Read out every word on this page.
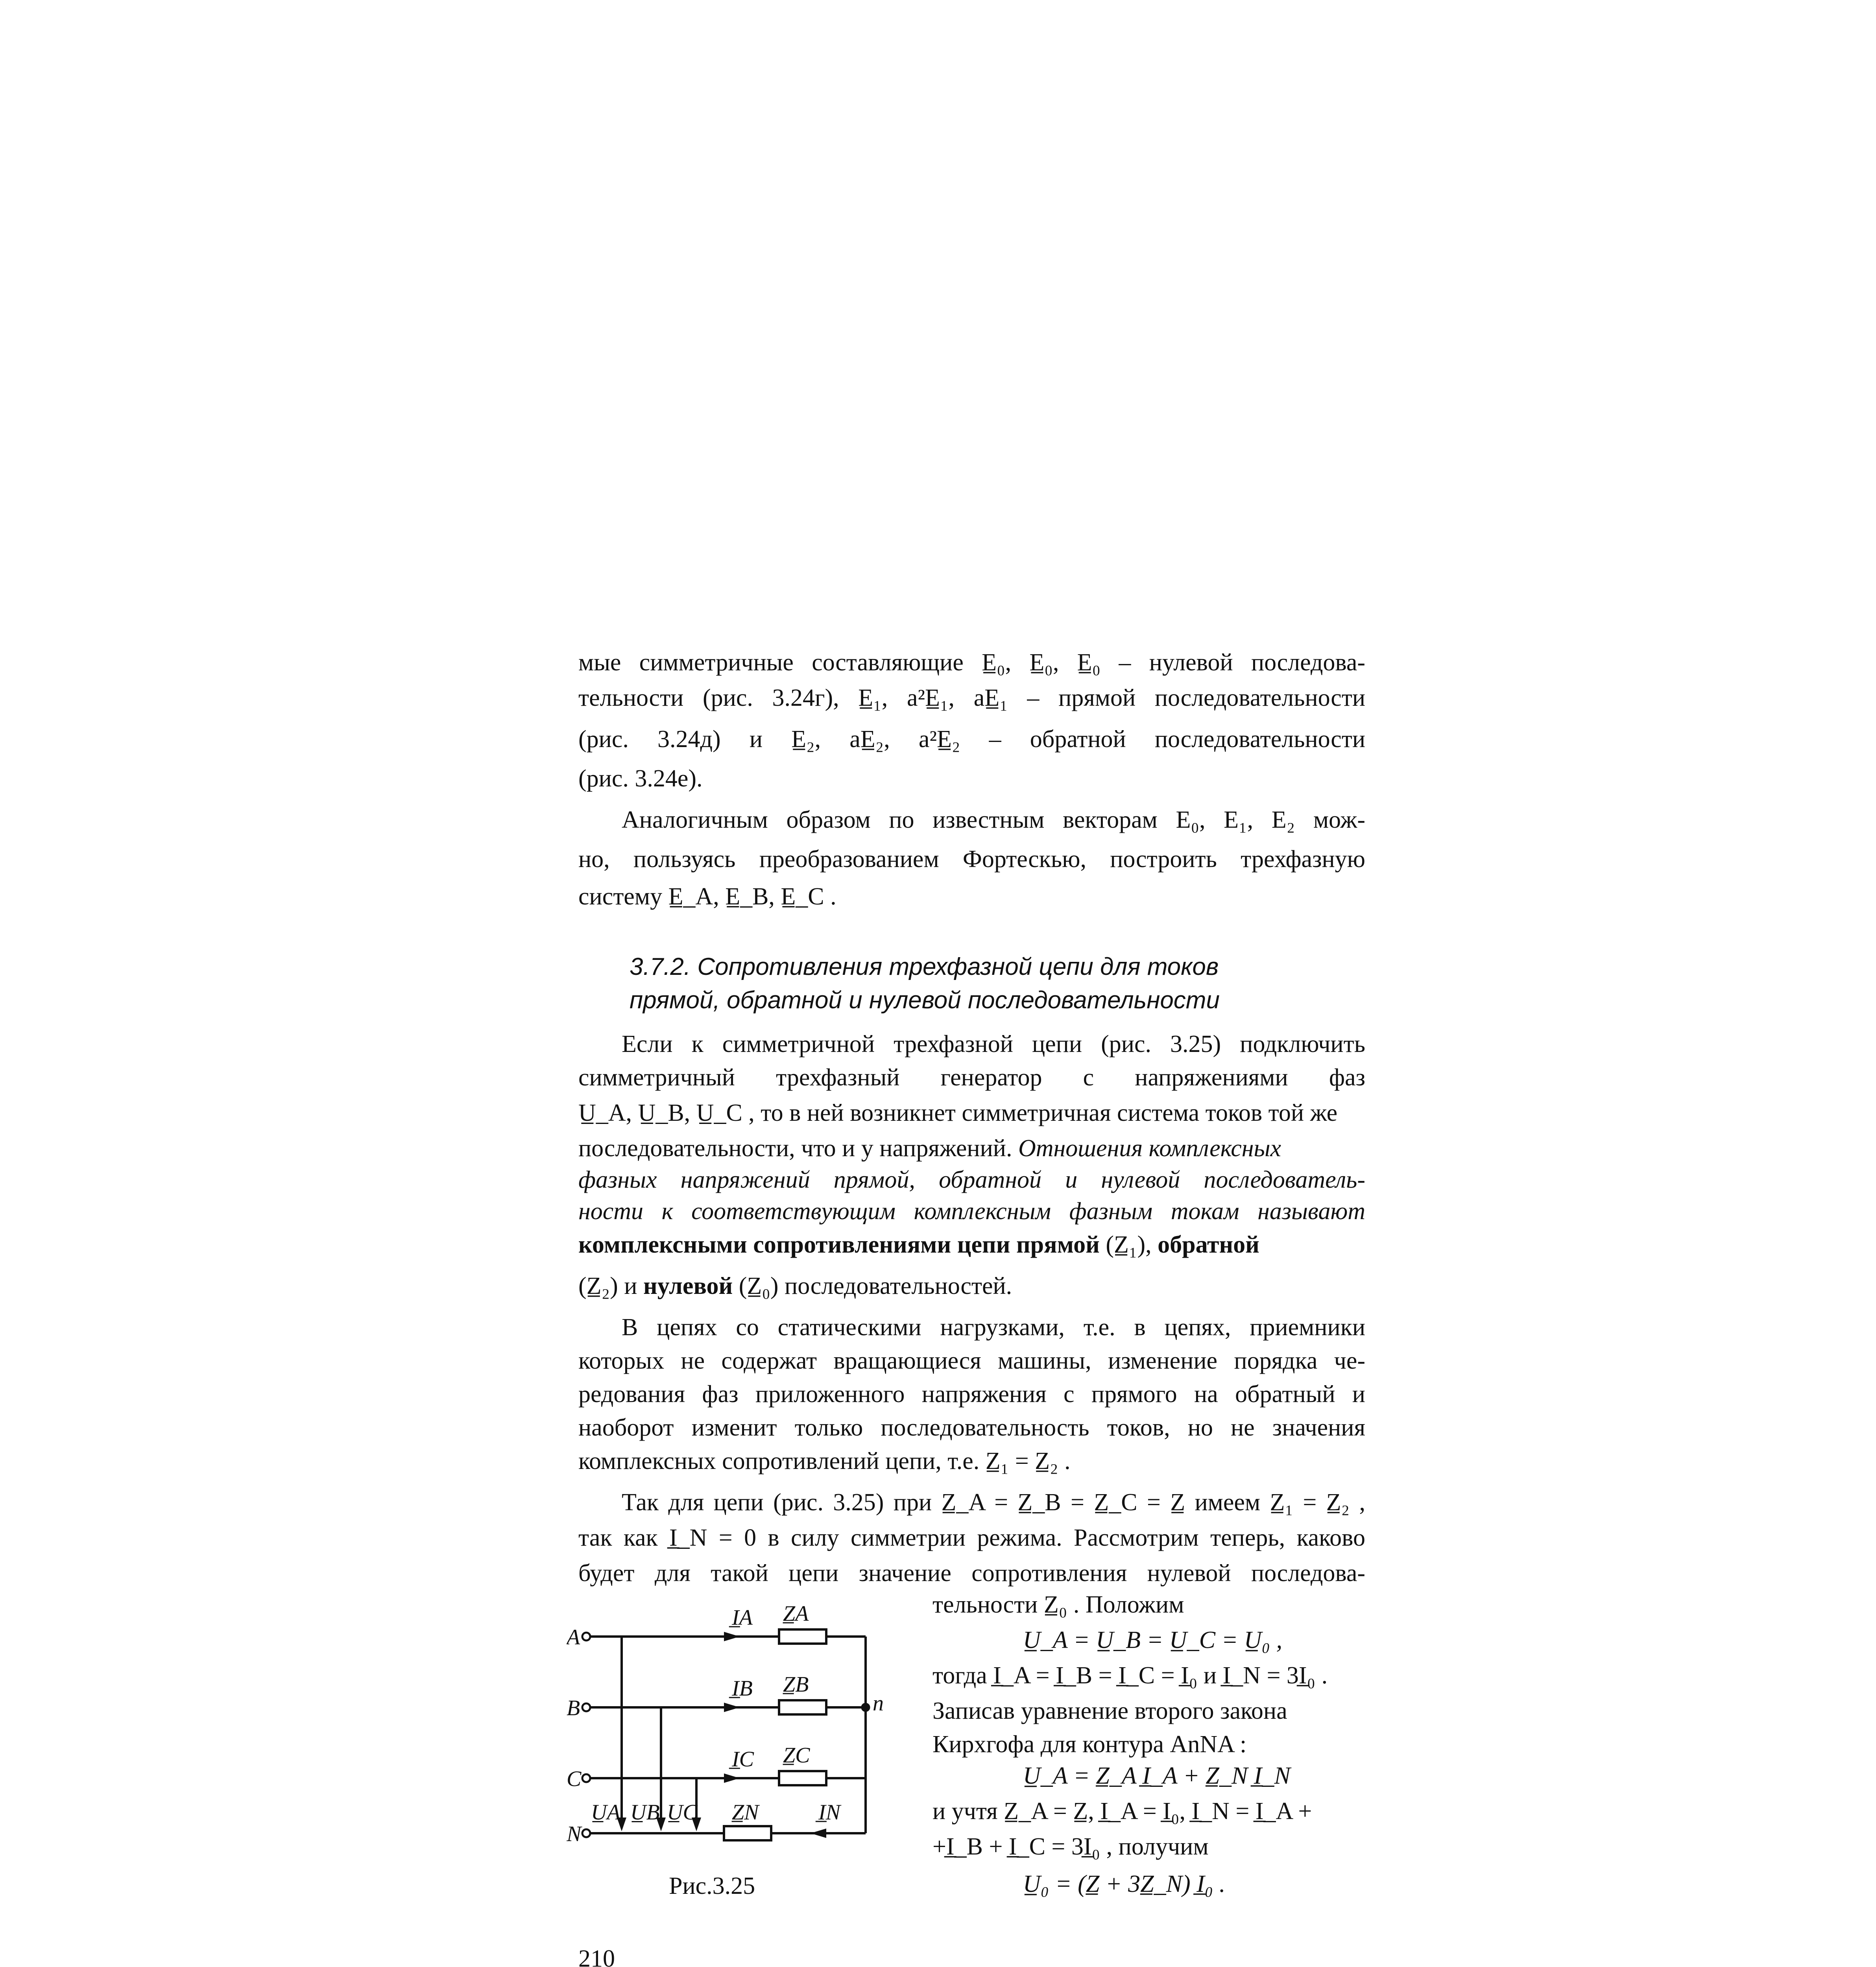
мые симметричные составляющие E̲₀, E̲₀, E̲₀ – нулевой последова-
тельности (рис. 3.24г), E̲₁, a²E̲₁, aE̲₁ – прямой последовательности
(рис. 3.24д) и E̲₂, aE̲₂, a²E̲₂ – обратной последовательности
(рис. 3.24е).
Аналогичным образом по известным векторам E₀, E₁, E₂ мож-
но, пользуясь преобразованием Фортескью, построить трехфазную
систему E̲_A, E̲_B, E̲_C .
3.7.2. Сопротивления трехфазной цепи для токов
прямой, обратной и нулевой последовательности
Если к симметричной трехфазной цепи (рис. 3.25) подключить
симметричный трехфазный генератор с напряжениями фаз
U̲_A, U̲_B, U̲_C , то в ней возникнет симметричная система токов той же
последовательности, что и у напряжений. Отношения комплексных
фазных напряжений прямой, обратной и нулевой последователь-
ности к соответствующим комплексным фазным токам называют
комплексными сопротивлениями цепи прямой (Z̲₁), обратной
(Z̲₂) и нулевой (Z̲₀) последовательностей.
В цепях со статическими нагрузками, т.е. в цепях, приемники
которых не содержат вращающиеся машины, изменение порядка че-
редования фаз приложенного напряжения с прямого на обратный и
наоборот изменит только последовательность токов, но не значения
комплексных сопротивлений цепи, т.е. Z̲₁ = Z̲₂ .
Так для цепи (рис. 3.25) при Z̲_A = Z̲_B = Z̲_C = Z̲ имеем Z̲₁ = Z̲₂ ,
так как I̲_N = 0 в силу симметрии режима. Рассмотрим теперь, каково
будет для такой цепи значение сопротивления нулевой последова-
тельности Z̲₀ . Положим
U̲_A = U̲_B = U̲_C = U̲₀ ,
тогда I̲_A = I̲_B = I̲_C = I̲₀ и I̲_N = 3I̲₀ .
Записав уравнение второго закона
Кирхгофа для контура AnNA :
U̲_A = Z̲_A I̲_A + Z̲_N I̲_N
и учтя Z̲_A = Z̲, I̲_A = I̲₀, I̲_N = I̲_A +
+I̲_B + I̲_C = 3I̲₀ , получим
U̲₀ = (Z̲ + 3Z̲_N) I̲₀ .
A
B
C
N
n
I̲A Z̲A
I̲B Z̲B
I̲C Z̲C
Z̲N	I̲N
U̲A U̲B U̲C
Рис.3.25
210
